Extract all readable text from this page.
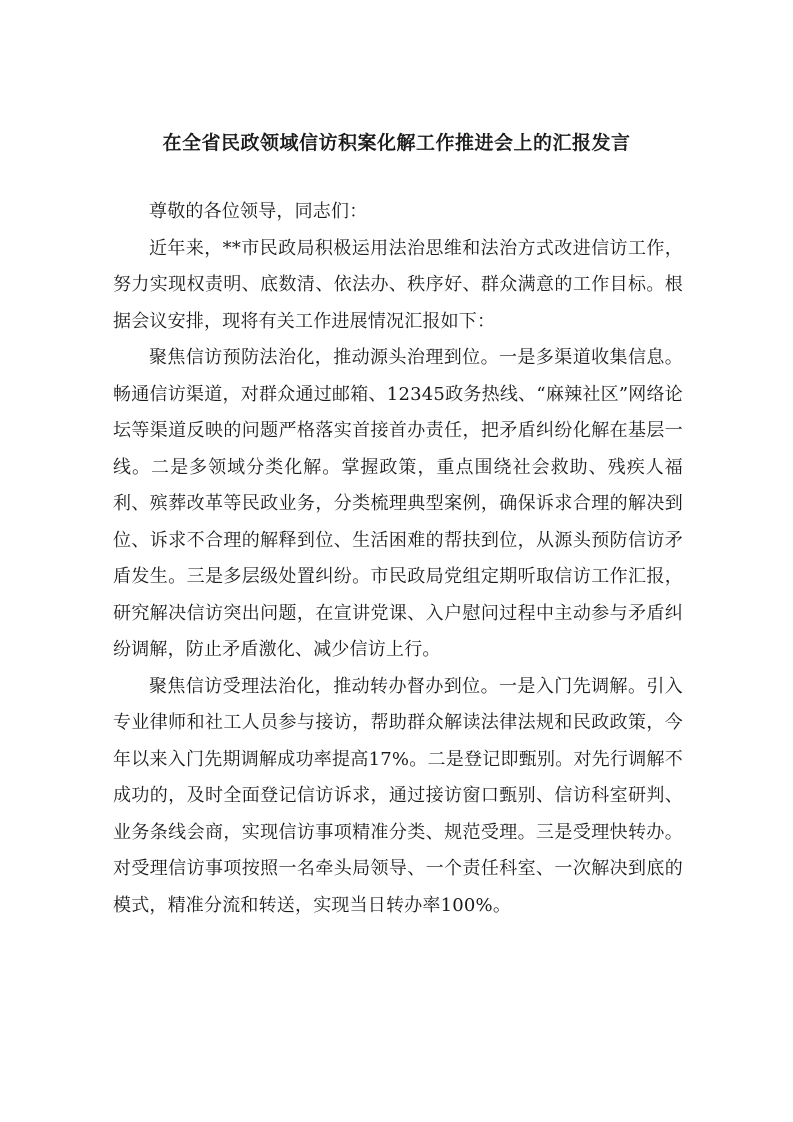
在全省民政领域信访积案化解工作推进会上的汇报发言

尊敬的各位领导，同志们：

近年来，**市民政局积极运用法治思维和法治方式改进信访工作，努力实现权责明、底数清、依法办、秩序好、群众满意的工作目标。根据会议安排，现将有关工作进展情况汇报如下：

聚焦信访预防法治化，推动源头治理到位。一是多渠道收集信息。畅通信访渠道，对群众通过邮箱、12345政务热线、“麻辣社区”网络论坛等渠道反映的问题严格落实首接首办责任，把矛盾纠纷化解在基层一线。二是多领域分类化解。掌握政策，重点围绕社会救助、残疾人福利、殡葬改革等民政业务，分类梳理典型案例，确保诉求合理的解决到位、诉求不合理的解释到位、生活困难的帮扶到位，从源头预防信访矛盾发生。三是多层级处置纠纷。市民政局党组定期听取信访工作汇报，研究解决信访突出问题，在宣讲党课、入户慰问过程中主动参与矛盾纠纷调解，防止矛盾激化、减少信访上行。

聚焦信访受理法治化，推动转办督办到位。一是入门先调解。引入专业律师和社工人员参与接访，帮助群众解读法律法规和民政政策，今年以来入门先期调解成功率提高17%。二是登记即甄别。对先行调解不成功的，及时全面登记信访诉求，通过接访窗口甄别、信访科室研判、业务条线会商，实现信访事项精准分类、规范受理。三是受理快转办。对受理信访事项按照一名牵头局领导、一个责任科室、一次解决到底的模式，精准分流和转送，实现当日转办率100%。
